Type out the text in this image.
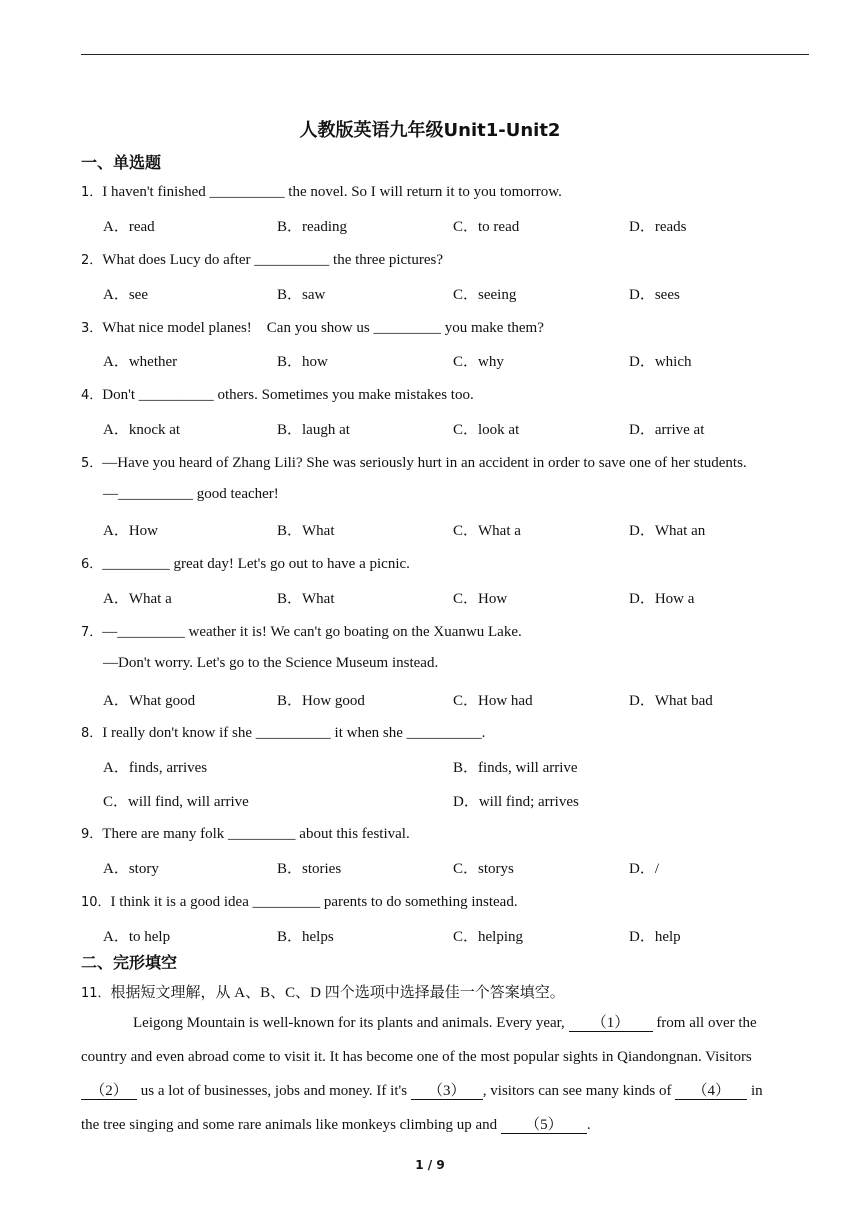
人教版英语九年级Unit1-Unit2
一、单选题
1．I haven't finished __________ the novel. So I will return it to you tomorrow.
A．read	B．reading	C．to read	D．reads
2．What does Lucy do after __________ the three pictures?
A．see	B．saw	C．seeing	D．sees
3．What nice model planes!　Can you show us _________ you make them?
A．whether	B．how	C．why	D．which
4．Don't __________ others. Sometimes you make mistakes too.
A．knock at	B．laugh at	C．look at	D．arrive at
5．—Have you heard of Zhang Lili? She was seriously hurt in an accident in order to save one of her students.
—__________ good teacher!
A．How	B．What	C．What a	D．What an
6．_________ great day! Let's go out to have a picnic.
A．What a	B．What	C．How	D．How a
7．—_________ weather it is! We can't go boating on the Xuanwu Lake.
—Don't worry. Let's go to the Science Museum instead.
A．What good	B．How good	C．How had	D．What bad
8．I really don't know if she __________ it when she __________.
A．finds, arrives	B．finds, will arrive
C．will find, will arrive	D．will find; arrives
9．There are many folk _________ about this festival.
A．story	B．stories	C．storys	D．/
10．I think it is a good idea _________ parents to do something instead.
A．to help	B．helps	C．helping	D．help
二、完形填空
11．根据短文理解，从 A、B、C、D 四个选项中选择最佳一个答案填空。
Leigong Mountain is well-known for its plants and animals. Every year, （1） from all over the
country and even abroad come to visit it. It has become one of the most popular sights in Qiandongnan. Visitors
（2） us a lot of businesses, jobs and money. If it's （3） , visitors can see many kinds of （4） in
the tree singing and some rare animals like monkeys climbing up and （5） .
1 / 9
